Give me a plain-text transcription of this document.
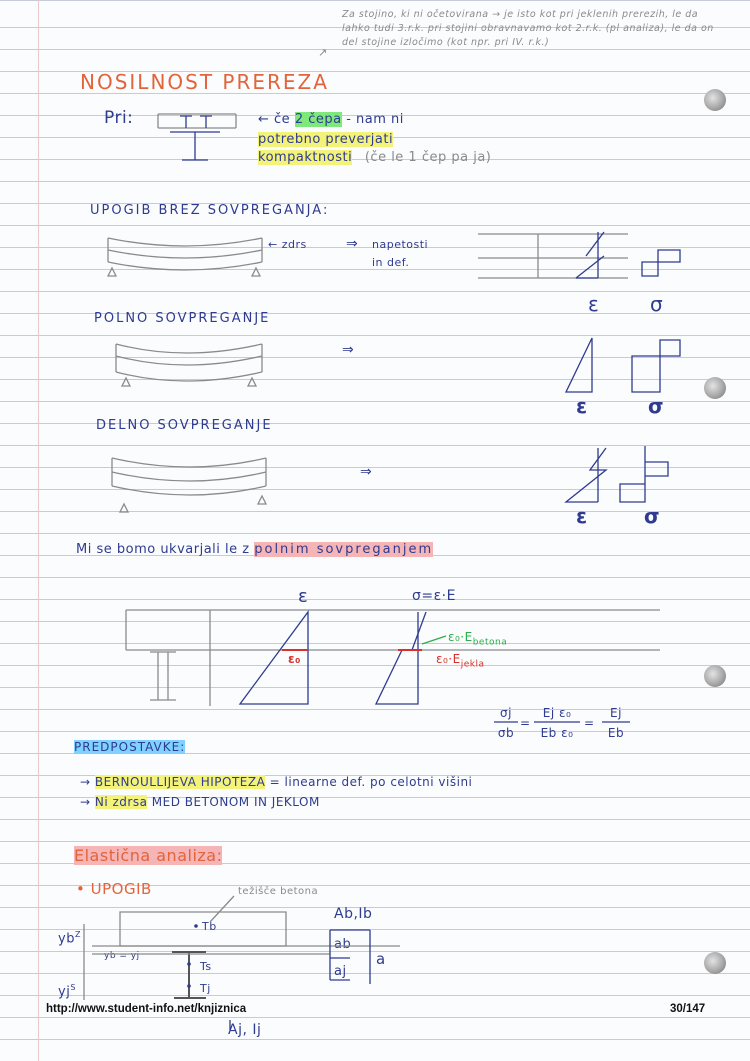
Za stojino, ki ni očetovirana → je isto kot pri jeklenih prerezih, le da lahko tudi 3.r.k. pri stojini obravnavamo kot 2.r.k. (pl analiza), le da on del stojine izločimo (kot npr. pri IV. r.k.)
↗
NOSILNOST PREREZA
Pri:	← če 2 čepa - nam ni
potrebno preverjati
kompaktnosti (če le 1 čep pa ja)
UPOGIB BREZ SOVPREGANJA:
POLNO SOVPREGANJE
DELNO SOVPREGANJE
← zdrs	⇒ napetosti
in def.
ε	σ
⇒
ε	σ
⇒
ε	σ
Mi se bomo ukvarjali le z polnim sovpreganjem
ε	σ=ε·E
ε₀
$\varepsilon_0\cdot E_{betona}$
$\varepsilon_0\cdot E_{jekla}$
σj
σb
=
Ej ε₀
Eb ε₀
=
Ej
Eb
PREDPOSTAVKE:
→ BERNOULLIJEVA HIPOTEZA = linearne def. po celotni višini
→ Ni zdrsa MED BETONOM IN JEKLOM
Elastična analiza:
• UPOGIB	težišče betona
Ab,Ib
Tb
Ts
Tj
ab
aj
a
$yb^Z$
$yj^S$
yb = yj
Aj, Ij
http://www.student-info.net/knjiznica	30/147
